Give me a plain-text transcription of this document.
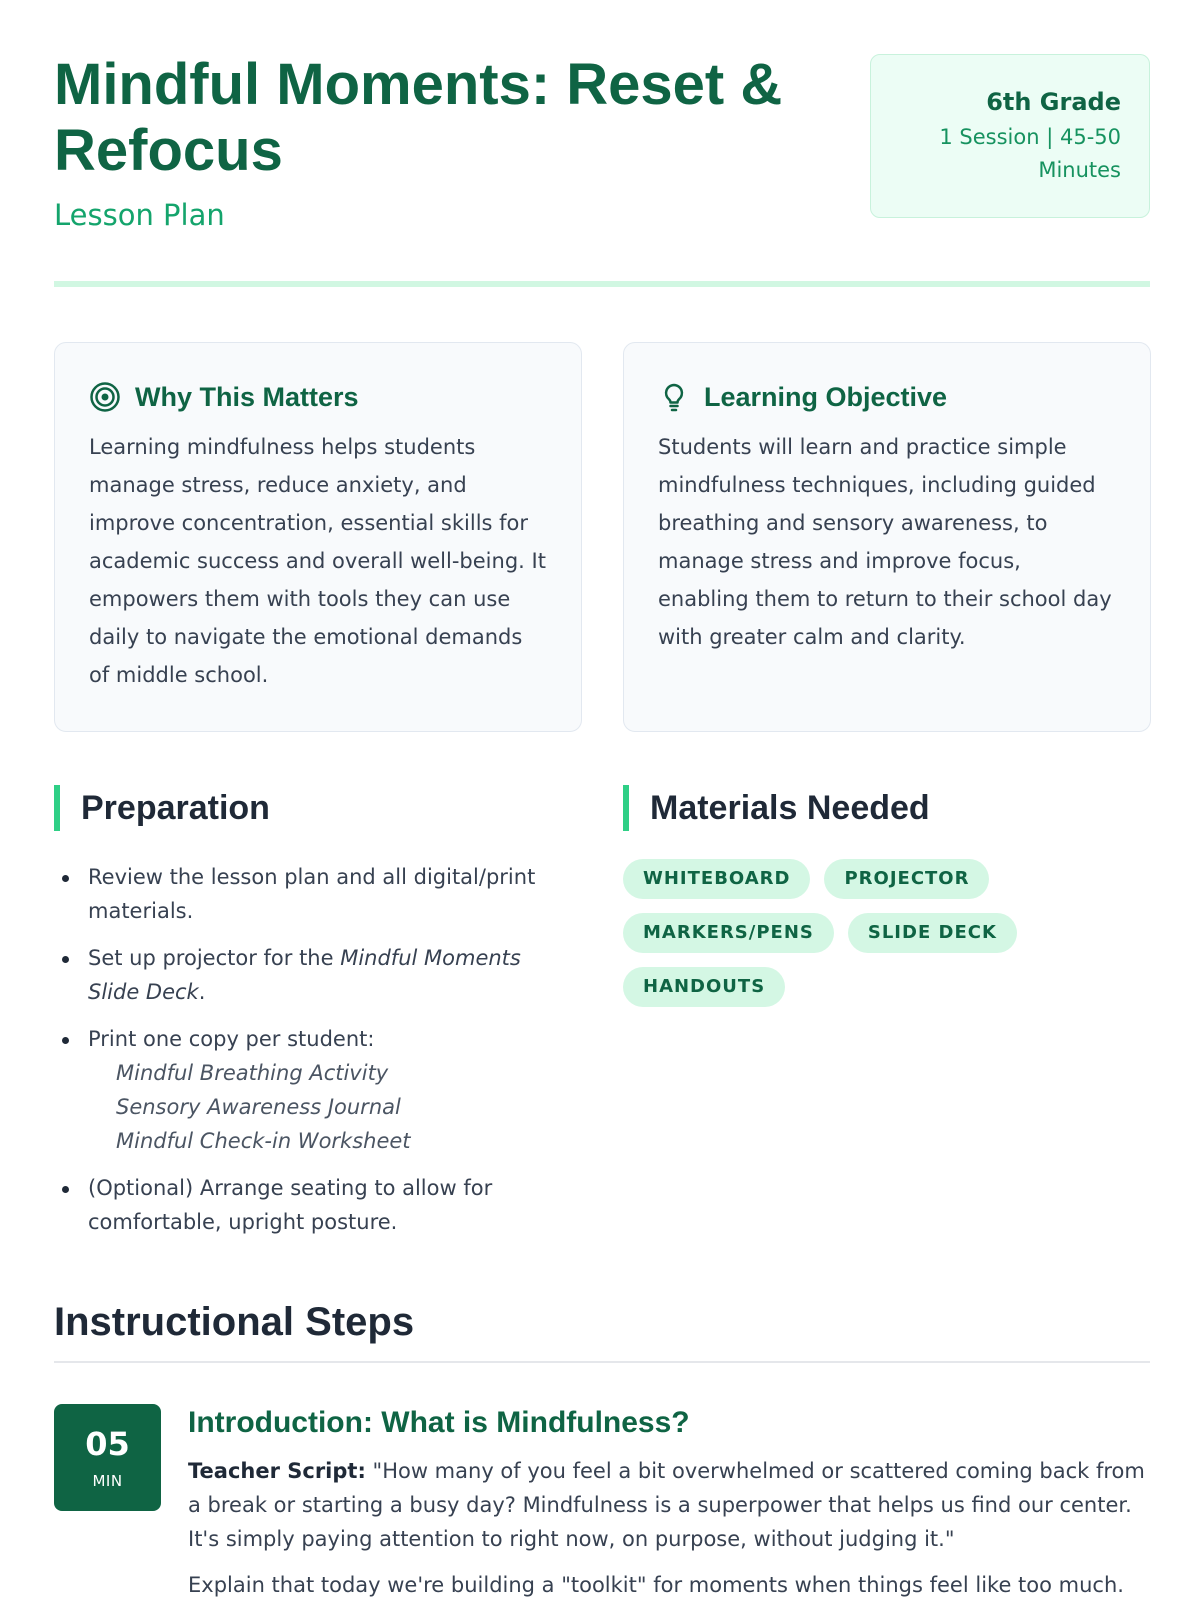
Mindful Moments: Reset & Refocus
Lesson Plan
6th Grade
1 Session | 45-50 Minutes
Why This Matters

Learning mindfulness helps students manage stress, reduce anxiety, and improve concentration, essential skills for academic success and overall well-being. It empowers them with tools they can use daily to navigate the emotional demands of middle school.

Learning Objective

Students will learn and practice simple mindfulness techniques, including guided breathing and sensory awareness, to manage stress and improve focus, enabling them to return to their school day with greater calm and clarity.

Preparation	Materials Needed
Review the lesson plan and all digital/print materials.
Set up projector for the Mindful Moments Slide Deck.
Print one copy per student:
Mindful Breathing Activity
Sensory Awareness Journal
Mindful Check-in Worksheet
(Optional) Arrange seating to allow for comfortable, upright posture.
WHITEBOARD	PROJECTOR
MARKERS/PENS	SLIDE DECK
HANDOUTS
Instructional Steps
05
MIN
Introduction: What is Mindfulness?

Teacher Script: "How many of you feel a bit overwhelmed or scattered coming back from a break or starting a busy day? Mindfulness is a superpower that helps us find our center. It's simply paying attention to right now, on purpose, without judging it."

Explain that today we're building a "toolkit" for moments when things feel like too much.
